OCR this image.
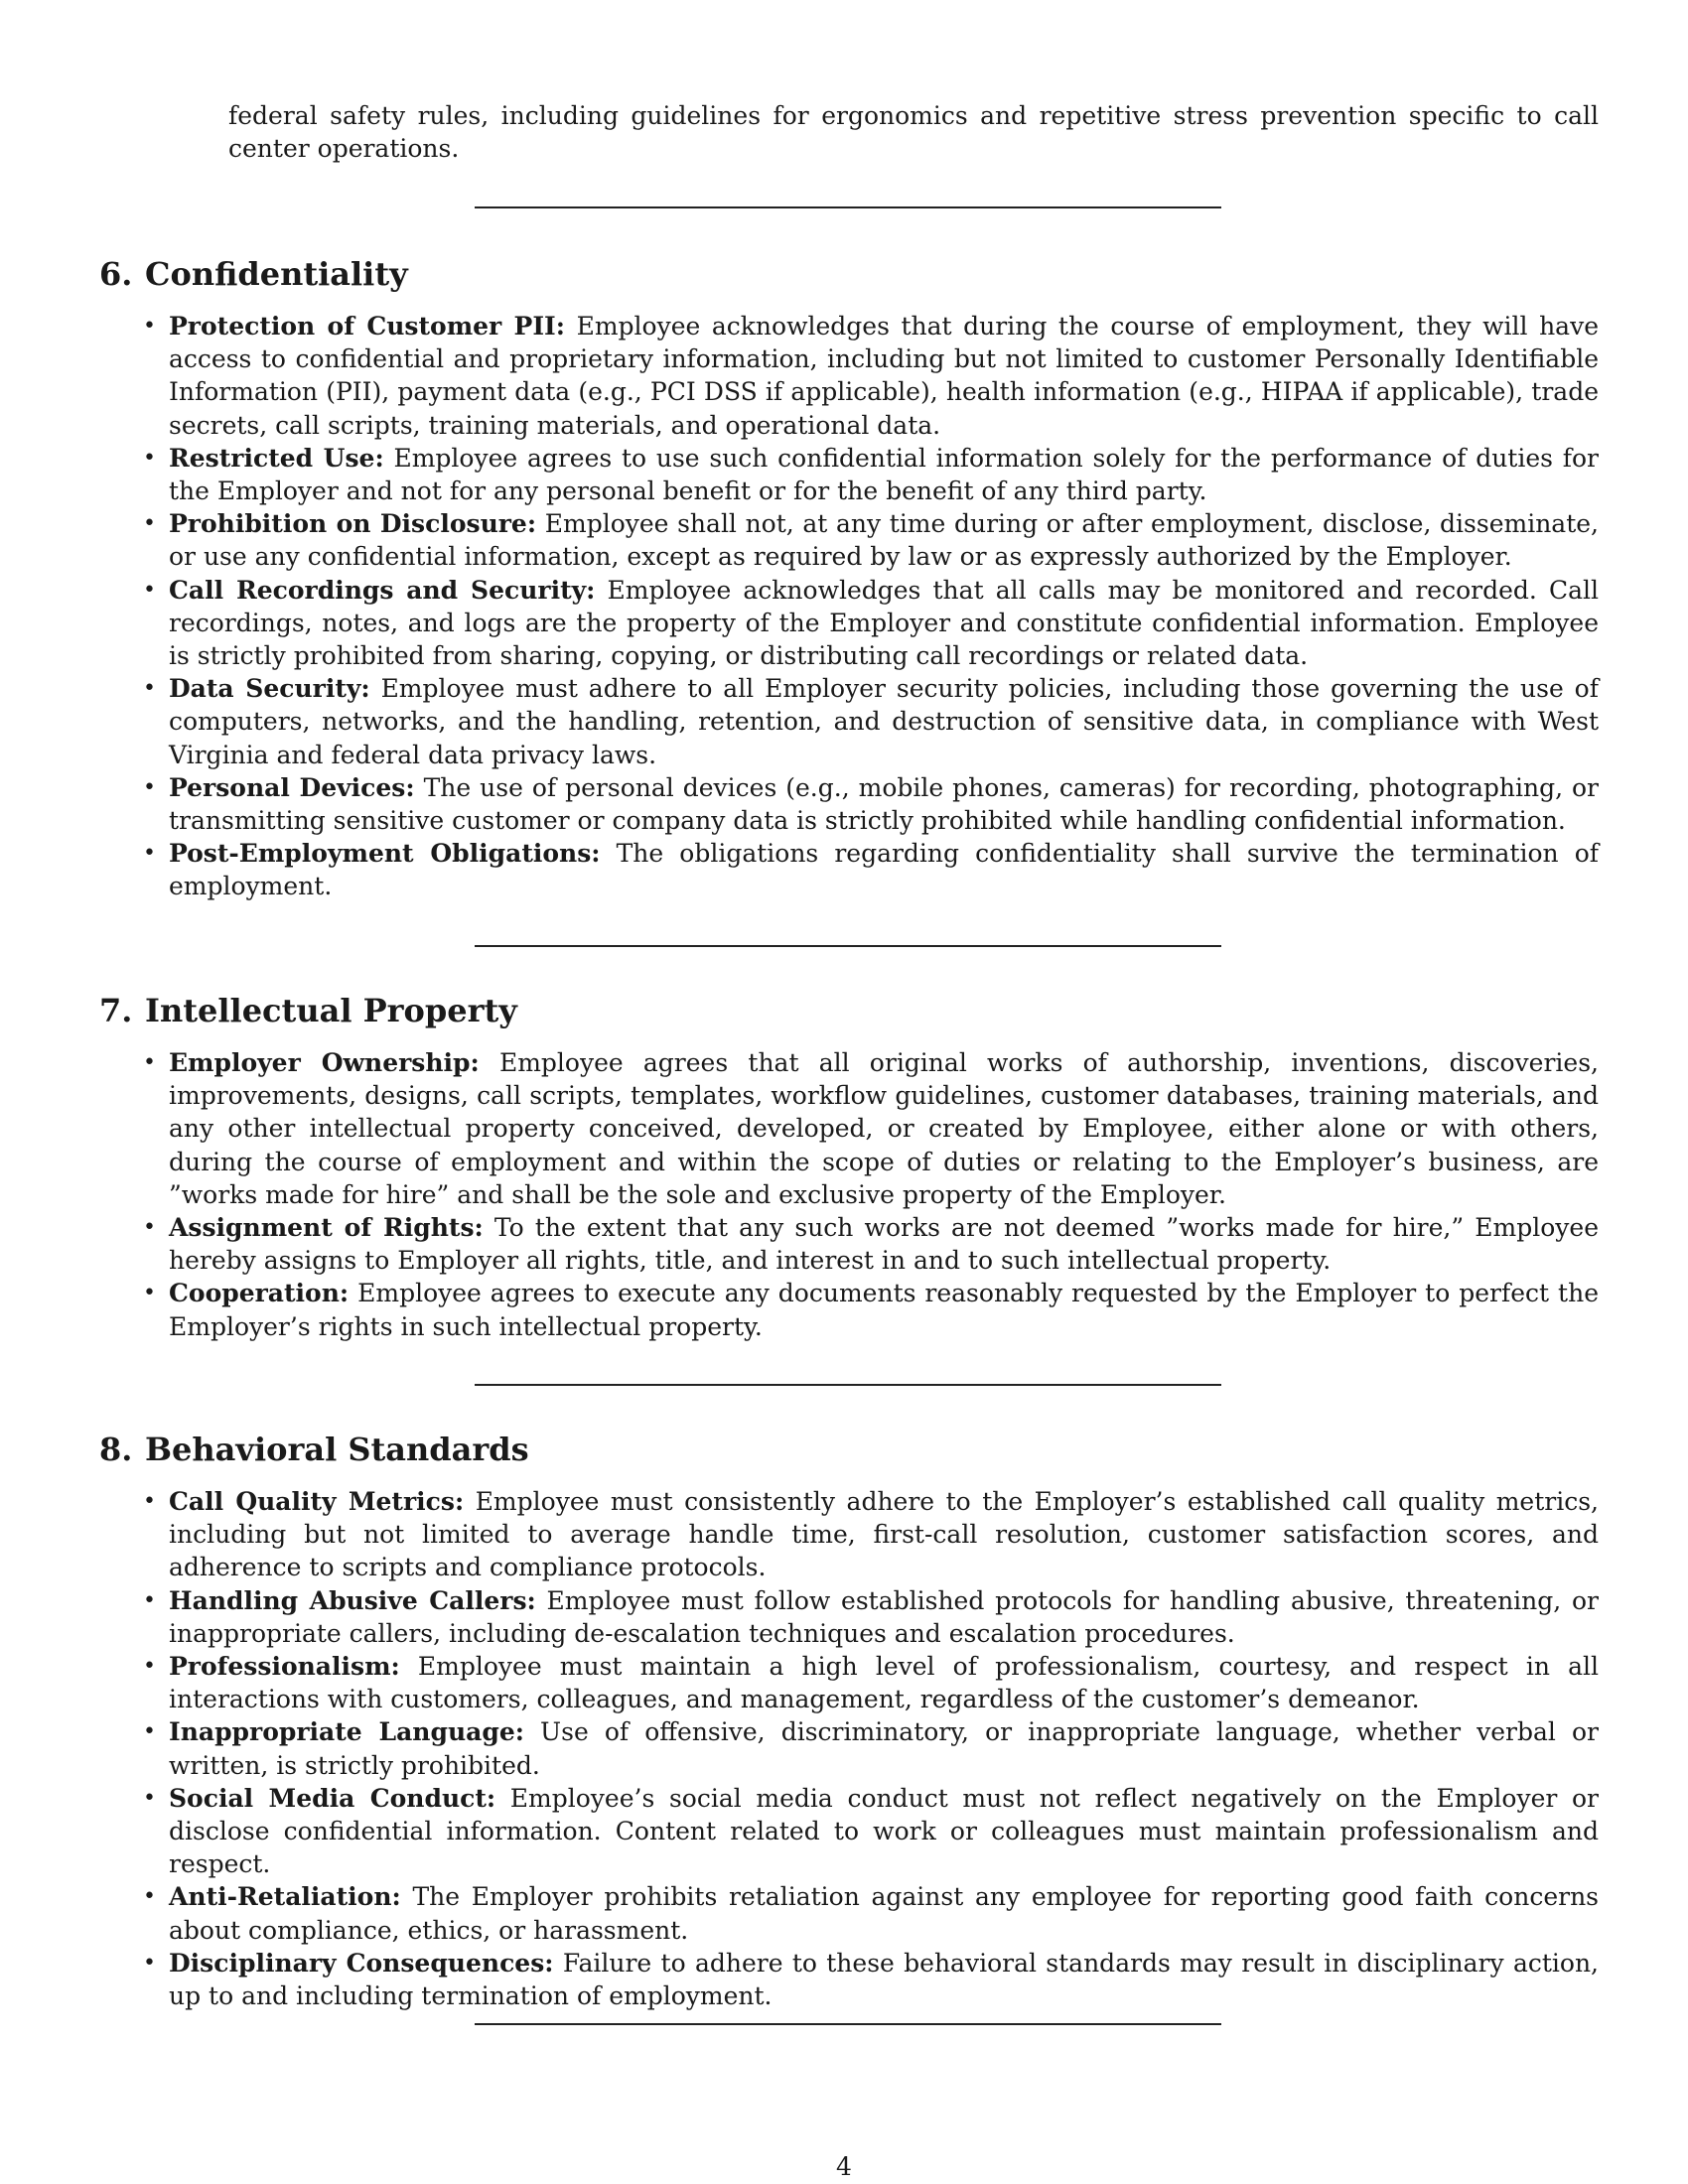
federal safety rules, including guidelines for ergonomics and repetitive stress prevention specific to call center operations.

6. Confidentiality
• Protection of Customer PII: Employee acknowledges that during the course of employment, they will have access to confidential and proprietary information, including but not limited to customer Personally Identifiable Information (PII), payment data (e.g., PCI DSS if applicable), health information (e.g., HIPAA if applicable), trade secrets, call scripts, training materials, and operational data.
• Restricted Use: Employee agrees to use such confidential information solely for the performance of duties for the Employer and not for any personal benefit or for the benefit of any third party.
• Prohibition on Disclosure: Employee shall not, at any time during or after employment, disclose, disseminate, or use any confidential information, except as required by law or as expressly authorized by the Employer.
• Call Recordings and Security: Employee acknowledges that all calls may be monitored and recorded. Call recordings, notes, and logs are the property of the Employer and constitute confidential information. Employee is strictly prohibited from sharing, copying, or distributing call recordings or related data.
• Data Security: Employee must adhere to all Employer security policies, including those governing the use of computers, networks, and the handling, retention, and destruction of sensitive data, in compliance with West Virginia and federal data privacy laws.
• Personal Devices: The use of personal devices (e.g., mobile phones, cameras) for recording, photographing, or transmitting sensitive customer or company data is strictly prohibited while handling confidential information.
• Post-Employment Obligations: The obligations regarding confidentiality shall survive the termination of employment.
7. Intellectual Property
• Employer Ownership: Employee agrees that all original works of authorship, inventions, discoveries, improvements, designs, call scripts, templates, workflow guidelines, customer databases, training materials, and any other intellectual property conceived, developed, or created by Employee, either alone or with others, during the course of employment and within the scope of duties or relating to the Employer’s business, are ”works made for hire” and shall be the sole and exclusive property of the Employer.
• Assignment of Rights: To the extent that any such works are not deemed ”works made for hire,” Employee hereby assigns to Employer all rights, title, and interest in and to such intellectual property.
• Cooperation: Employee agrees to execute any documents reasonably requested by the Employer to perfect the Employer’s rights in such intellectual property.
8. Behavioral Standards
• Call Quality Metrics: Employee must consistently adhere to the Employer’s established call quality metrics, including but not limited to average handle time, first-call resolution, customer satisfaction scores, and adherence to scripts and compliance protocols.
• Handling Abusive Callers: Employee must follow established protocols for handling abusive, threatening, or inappropriate callers, including de-escalation techniques and escalation procedures.
• Professionalism: Employee must maintain a high level of professionalism, courtesy, and respect in all interactions with customers, colleagues, and management, regardless of the customer’s demeanor.
• Inappropriate Language: Use of offensive, discriminatory, or inappropriate language, whether verbal or written, is strictly prohibited.
• Social Media Conduct: Employee’s social media conduct must not reflect negatively on the Employer or disclose confidential information. Content related to work or colleagues must maintain professionalism and respect.
• Anti-Retaliation: The Employer prohibits retaliation against any employee for reporting good faith concerns about compliance, ethics, or harassment.
• Disciplinary Consequences: Failure to adhere to these behavioral standards may result in disciplinary action, up to and including termination of employment.
4
